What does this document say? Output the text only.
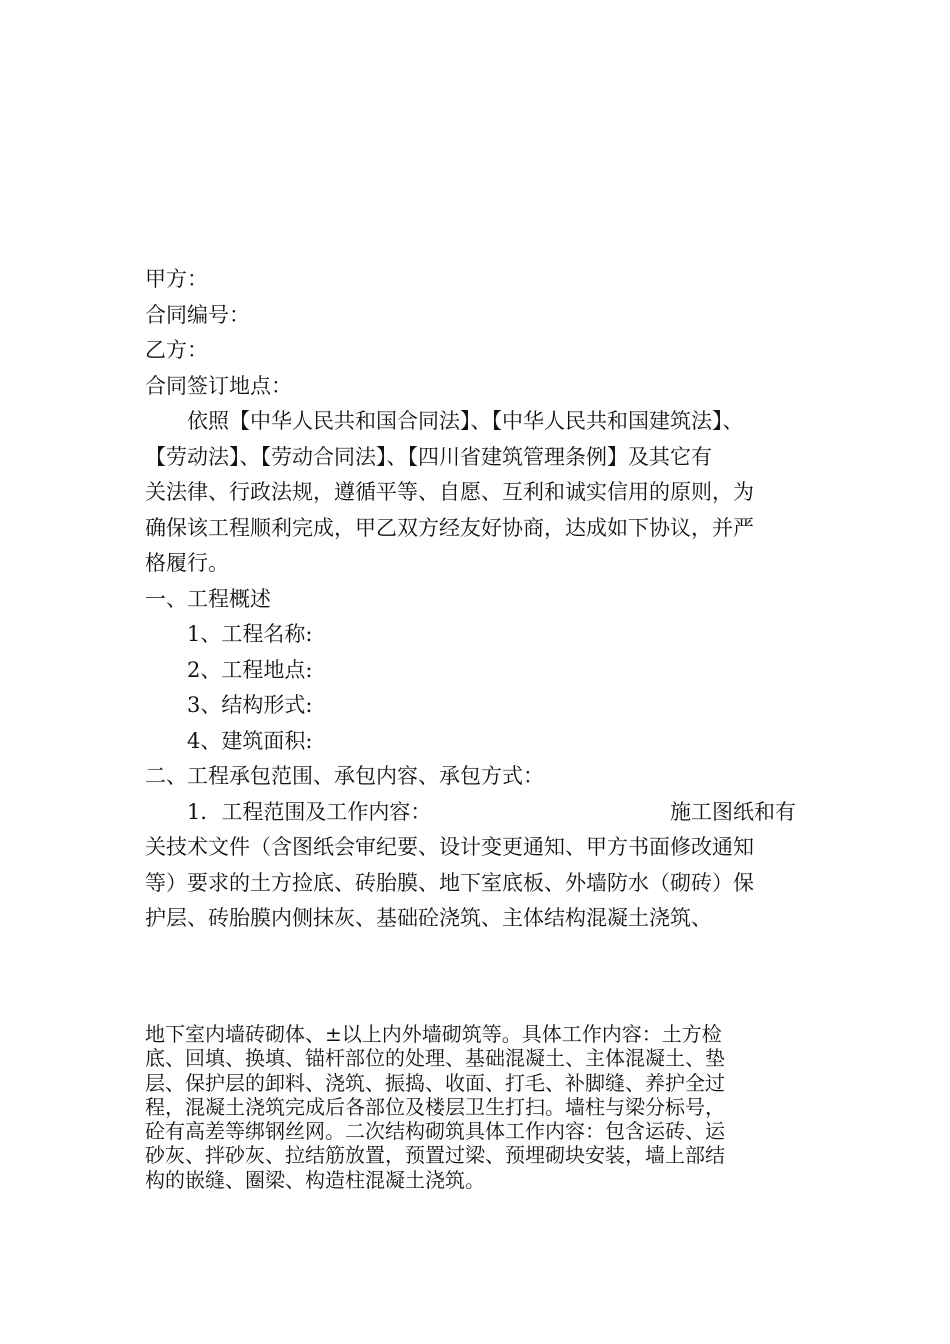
甲方：
合同编号：
乙方：
合同签订地点：
依照【中华人民共和国合同法】、【中华人民共和国建筑法】、
【劳动法】、【劳动合同法】、【四川省建筑管理条例】及其它有
关法律、行政法规，遵循平等、自愿、互利和诚实信用的原则，为
确保该工程顺利完成，甲乙双方经友好协商，达成如下协议，并严
格履行。
一、工程概述
1、工程名称:
2、工程地点:
3、结构形式:
4、建筑面积:
二、工程承包范围、承包内容、承包方式：
1．工程范围及工作内容：	施工图纸和有
关技术文件（含图纸会审纪要、设计变更通知、甲方书面修改通知
等）要求的土方捡底、砖胎膜、地下室底板、外墙防水（砌砖）保
护层、砖胎膜内侧抹灰、基础砼浇筑、主体结构混凝土浇筑、
地下室内墙砖砌体、±以上内外墙砌筑等。具体工作内容：土方检
底、回填、换填、锚杆部位的处理、基础混凝土、主体混凝土、垫
层、保护层的卸料、浇筑、振捣、收面、打毛、补脚缝、养护全过
程，混凝土浇筑完成后各部位及楼层卫生打扫。墙柱与梁分标号，
砼有高差等绑钢丝网。二次结构砌筑具体工作内容：包含运砖、运
砂灰、拌砂灰、拉结筋放置，预置过梁、预埋砌块安装，墙上部结
构的嵌缝、圈梁、构造柱混凝土浇筑。
